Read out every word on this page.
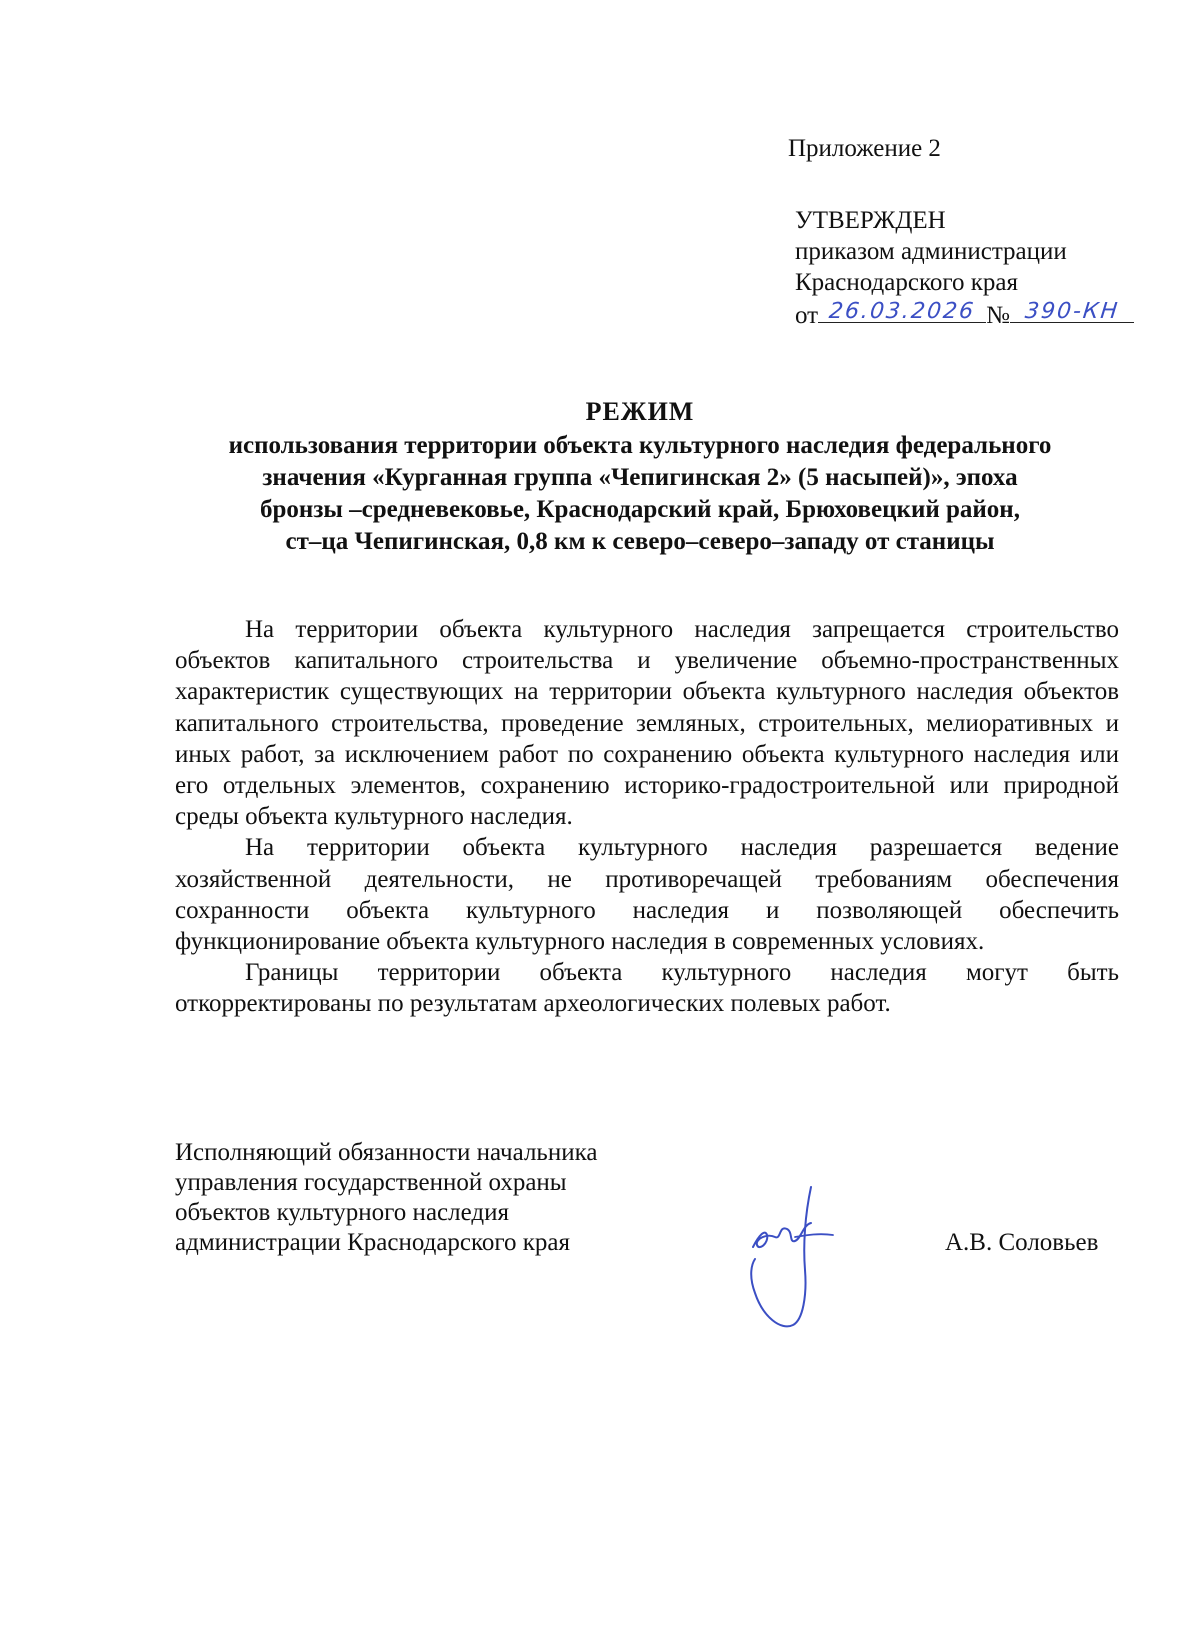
Приложение 2
УТВЕРЖДЕН
приказом администрации
Краснодарского края
от 26.03.2026 № 390-КН
РЕЖИМ
использования территории объекта культурного наследия федерального
значения «Курганная группа «Чепигинская 2» (5 насыпей)», эпоха
бронзы –средневековье, Краснодарский край, Брюховецкий район,
ст–ца Чепигинская, 0,8 км к северо–северо–западу от станицы

На территории объекта культурного наследия запрещается строительство объектов капитального строительства и увеличение объемно-пространственных характеристик существующих на территории объекта культурного наследия объектов капитального строительства, проведение земляных, строительных, мелиоративных и иных работ, за исключением работ по сохранению объекта культурного наследия или его отдельных элементов, сохранению историко-градостроительной или природной среды объекта культурного наследия.

На территории объекта культурного наследия разрешается ведение хозяйственной деятельности, не противоречащей требованиям обеспечения сохранности объекта культурного наследия и позволяющей обеспечить функционирование объекта культурного наследия в современных условиях.

Границы территории объекта культурного наследия могут быть откорректированы по результатам археологических полевых работ.

Исполняющий обязанности начальника
управления государственной охраны
объектов культурного наследия
администрации Краснодарского края	А.В. Соловьев
